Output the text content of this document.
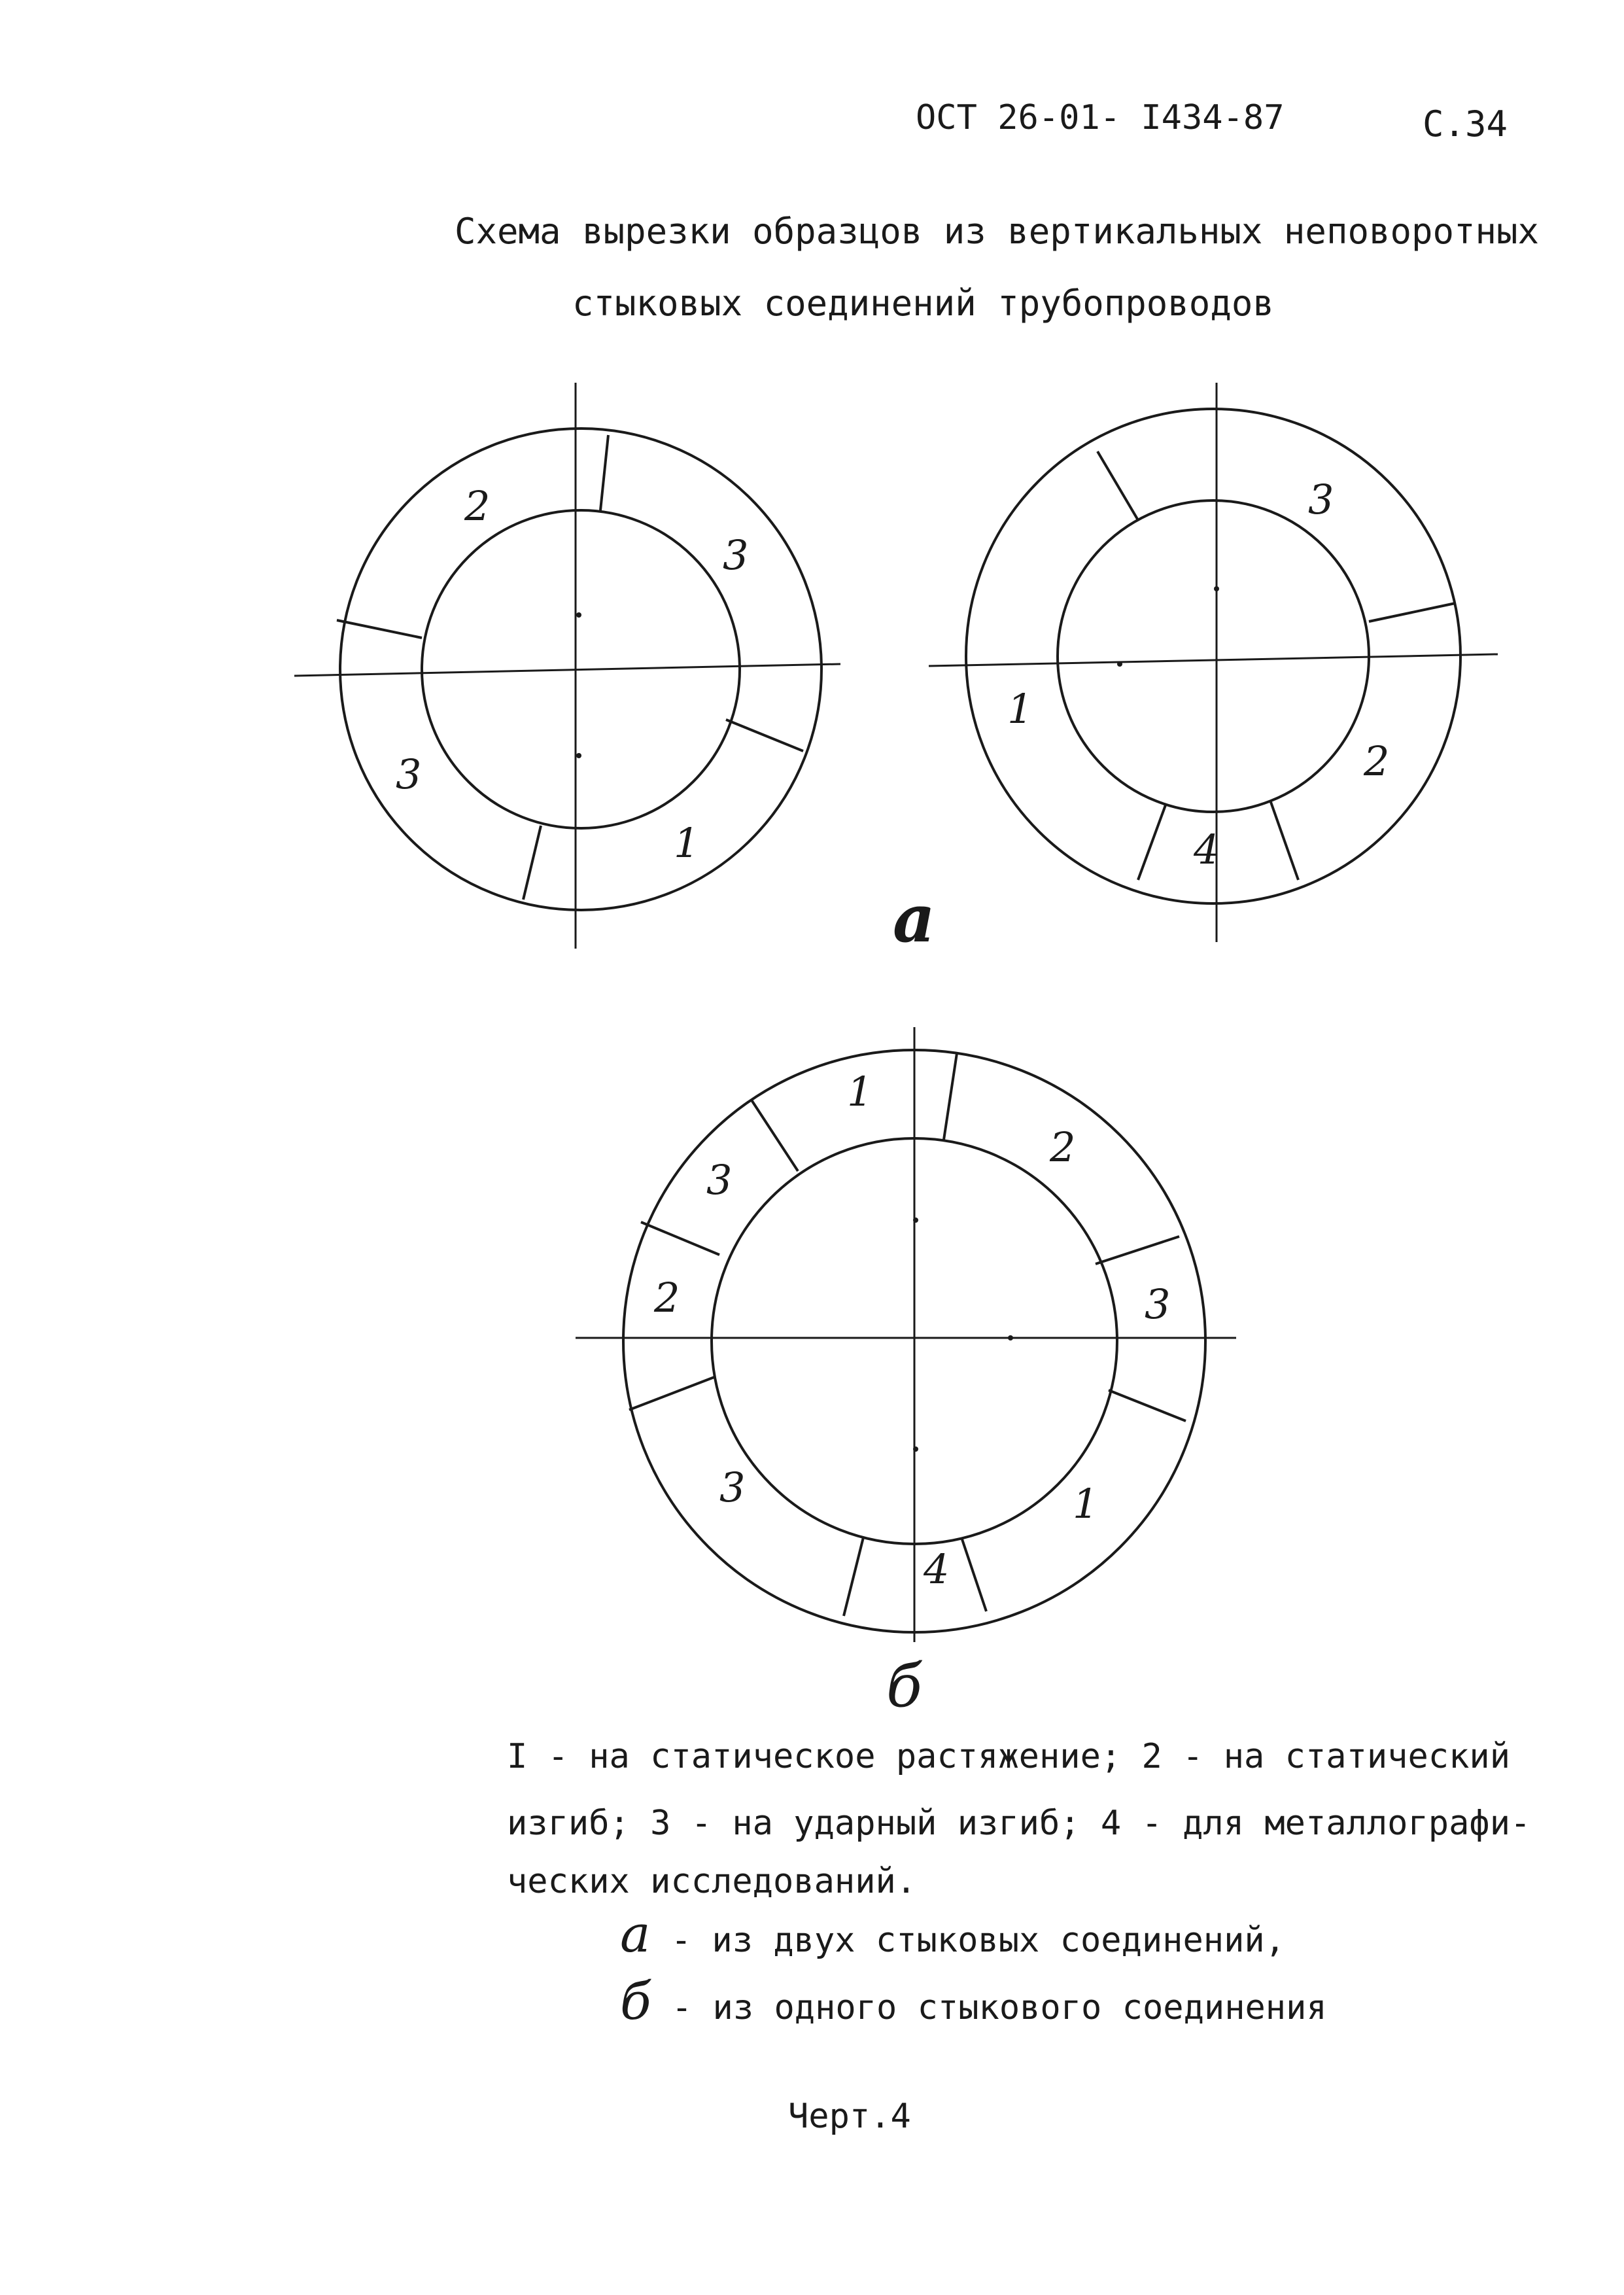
ОСТ 26-01- I434-87	С.34
Схема вырезки образцов из вертикальных неповоротных
стыковых соединений трубопроводов
2
3
3
1
3
1
2
4
1
2
3
2	3
1
4
3
а
б
I - на статическое растяжение; 2 - на статический
изгиб; 3 - на ударный изгиб; 4 - для металлографи-
ческих исследований.
а - из двух стыковых соединений,
б - из одного стыкового соединения
Черт.4
